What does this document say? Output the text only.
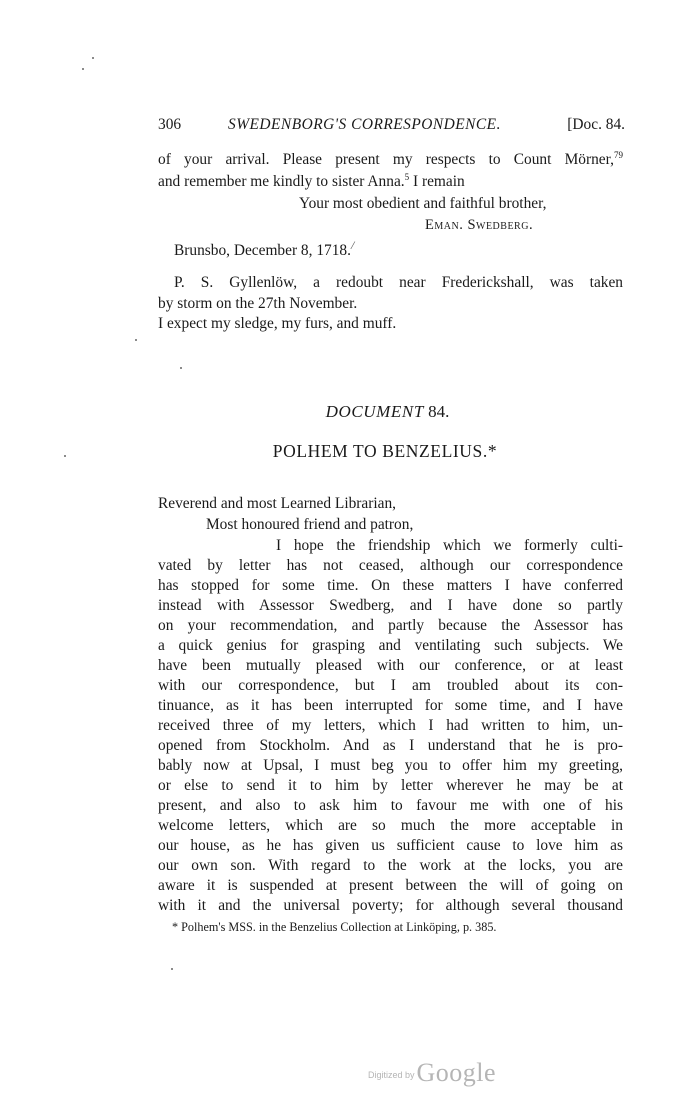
306	SWEDENBORG'S CORRESPONDENCE.	[Doc. 84.
of your arrival. Please present my respects to Count Mörner,$^{79}$
and remember me kindly to sister Anna.$^5$ I remain
Your most obedient and faithful brother,
Eman. Swedberg.
Brunsbo, December 8, 1718./
P. S. Gyllenlöw, a redoubt near Frederickshall, was taken
by storm on the 27th November.
I expect my sledge, my furs, and muff.
DOCUMENT 84.
POLHEM TO BENZELIUS.*
Reverend and most Learned Librarian,
Most honoured friend and patron,
I hope the friendship which we formerly culti-
vated by letter has not ceased, although our correspondence
has stopped for some time. On these matters I have conferred
instead with Assessor Swedberg, and I have done so partly
on your recommendation, and partly because the Assessor has
a quick genius for grasping and ventilating such subjects. We
have been mutually pleased with our conference, or at least
with our correspondence, but I am troubled about its con-
tinuance, as it has been interrupted for some time, and I have
received three of my letters, which I had written to him, un-
opened from Stockholm. And as I understand that he is pro-
bably now at Upsal, I must beg you to offer him my greeting,
or else to send it to him by letter wherever he may be at
present, and also to ask him to favour me with one of his
welcome letters, which are so much the more acceptable in
our house, as he has given us sufficient cause to love him as
our own son. With regard to the work at the locks, you are
aware it is suspended at present between the will of going on
with it and the universal poverty; for although several thousand
* Polhem's MSS. in the Benzelius Collection at Linköping, p. 385.
Digitized byGoogle
